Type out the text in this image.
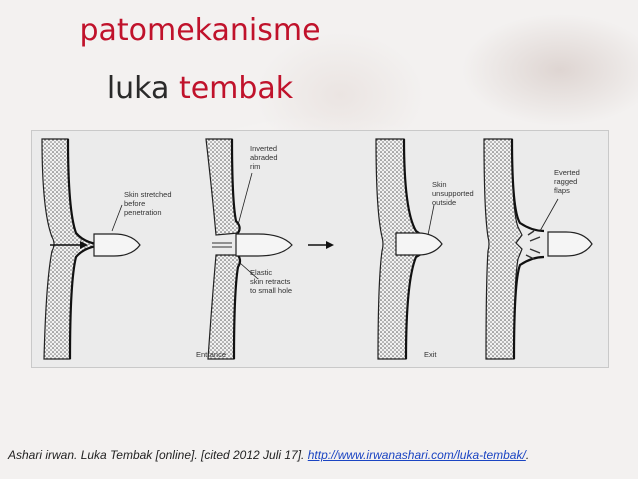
patomekanisme
luka tembak
Skin stretched
before
penetration
Inverted
abraded
rim
Elastic
skin retracts
to small hole
Skin
unsupported
outside
Everted
ragged
flaps
Entrance	Exit
Ashari irwan. Luka Tembak [online]. [cited 2012 Juli 17]. http://www.irwanashari.com/luka-tembak/.
